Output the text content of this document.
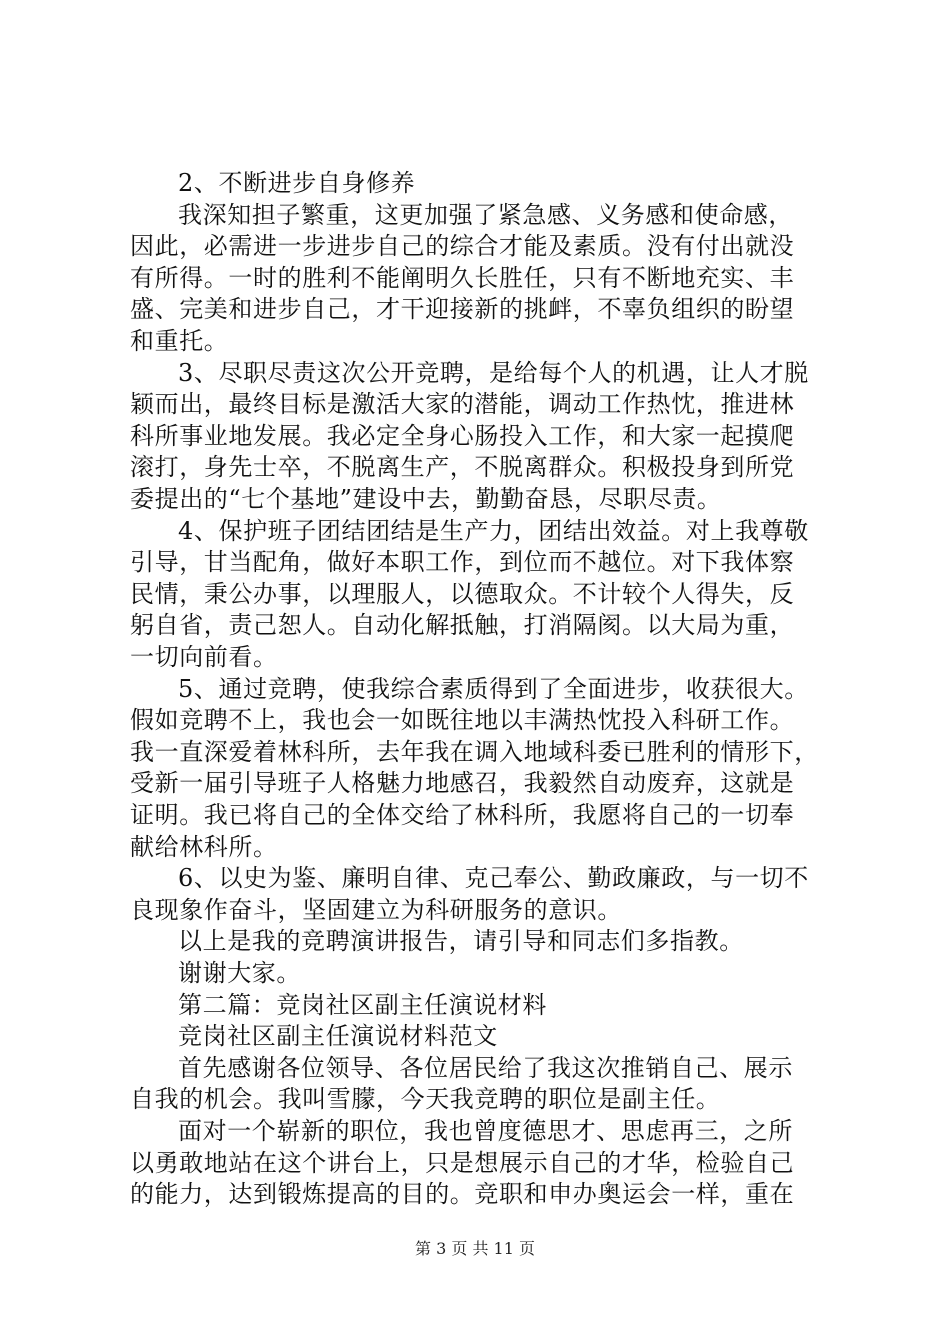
2、不断进步自身修养
我深知担子繁重，这更加强了紧急感、义务感和使命感，
因此，必需进一步进步自己的综合才能及素质。没有付出就没
有所得。一时的胜利不能阐明久长胜任，只有不断地充实、丰
盛、完美和进步自己，才干迎接新的挑衅，不辜负组织的盼望
和重托。
3、尽职尽责这次公开竞聘，是给每个人的机遇，让人才脱
颖而出，最终目标是激活大家的潜能，调动工作热忱，推进林
科所事业地发展。我必定全身心肠投入工作，和大家一起摸爬
滚打，身先士卒，不脱离生产，不脱离群众。积极投身到所党
委提出的“七个基地”建设中去，勤勤奋恳，尽职尽责。
4、保护班子团结团结是生产力，团结出效益。对上我尊敬
引导，甘当配角，做好本职工作，到位而不越位。对下我体察
民情，秉公办事，以理服人，以德取众。不计较个人得失，反
躬自省，责己恕人。自动化解抵触，打消隔阂。以大局为重，
一切向前看。
5、通过竞聘，使我综合素质得到了全面进步，收获很大。
假如竞聘不上，我也会一如既往地以丰满热忱投入科研工作。
我一直深爱着林科所，去年我在调入地域科委已胜利的情形下，
受新一届引导班子人格魅力地感召，我毅然自动废弃，这就是
证明。我已将自己的全体交给了林科所，我愿将自己的一切奉
献给林科所。
6、以史为鉴、廉明自律、克己奉公、勤政廉政，与一切不
良现象作奋斗，坚固建立为科研服务的意识。
以上是我的竞聘演讲报告，请引导和同志们多指教。
谢谢大家。
第二篇：竞岗社区副主任演说材料
竞岗社区副主任演说材料范文
首先感谢各位领导、各位居民给了我这次推销自己、展示
自我的机会。我叫雪朦，今天我竞聘的职位是副主任。
面对一个崭新的职位，我也曾度德思才、思虑再三，之所
第 3 页 共 11 页
以勇敢地站在这个讲台上，只是想展示自己的才华，检验自己
的能力，达到锻炼提高的目的。竞职和申办奥运会一样，重在
